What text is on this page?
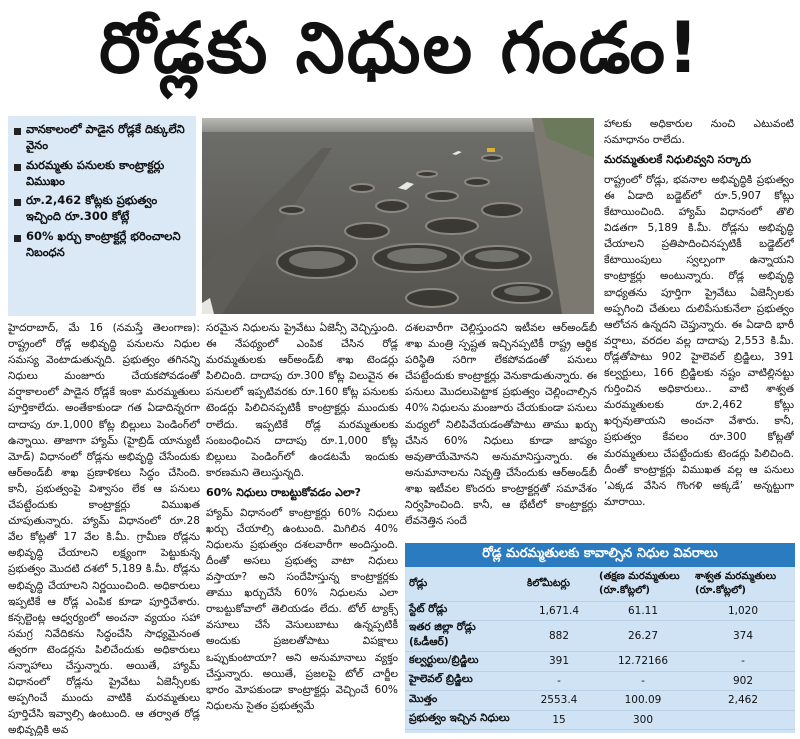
రోడ్లకు నిధుల గండం!
వానకాలంలో పాడైన రోడ్లకే దిక్కులేని వైనం
మరమ్మతు పనులకు కాంట్రాక్టర్లు విముఖం
రూ.2,462 కోట్లకు ప్రభుత్వం ఇచ్చింది రూ.300 కోట్లే
60% ఖర్చు కాంట్రాక్టర్లే భరించాలని నిబంధన

హైదరాబాద్, మే 16 (నమస్తే తెలంగాణ): రాష్ట్రంలో రోడ్ల అభివృద్ధి పనులను నిధుల సమస్య వెంటాడుతున్నది. ప్రభుత్వం తగినన్ని నిధులు మంజూరు చేయకపోవడంతో వర్షాకాలంలో పాడైన రోడ్లకే ఇంకా మరమ్మతులు పూర్తికాలేదు. అంతేకాకుండా గత ఏడాదిన్నరగా దాదాపు రూ.1,000 కోట్ల బిల్లులు పెండింగ్‌లో ఉన్నాయి. తాజాగా హ్యామ్ (హైబ్రిడ్ యాన్యుటీ మోడ్) విధానంలో రోడ్లను అభివృద్ధి చేసేందుకు ఆర్‌అండ్‌బీ శాఖ ప్రణాళికలు సిద్ధం చేసింది. కానీ, ప్రభుత్వంపై విశ్వాసం లేక ఆ పనులు చేపట్టేందుకు కాంట్రాక్టర్లు విముఖత చూపుతున్నారు. హ్యామ్ విధానంలో రూ.28 వేల కోట్లతో 17 వేల కి.మీ. గ్రామీణ రోడ్లను అభివృద్ధి చేయాలని లక్ష్యంగా పెట్టుకున్న ప్రభుత్వం మొదటి దశలో 5,189 కి.మీ. రోడ్లను అభివృద్ధి చేయాలని నిర్ణయించింది. అధికారులు ఇప్పటికే ఆ రోడ్ల ఎంపిక కూడా పూర్తిచేశారు. కన్సల్టెంట్ల ఆధ్వర్యంలో అంచనా వ్యయం సహా సమగ్ర నివేదికను సిద్ధంచేసి సాధ్యమైనంత త్వరగా టెండర్లను పిలిచేందుకు అధికారులు సన్నాహాలు చేస్తున్నారు. అయితే, హ్యామ్ విధానంలో రోడ్లను ప్రైవేటు ఏజెన్సీలకు అప్పగించే ముందు వాటికి మరమ్మతులు పూర్తిచేసి ఇవ్వాల్సి ఉంటుంది. ఆ తర్వాత రోడ్ల అభివృద్ధికి అవ

సరమైన నిధులను ప్రైవేటు ఏజెన్సీ వెచ్చిస్తుంది. ఈ నేపథ్యంలో ఎంపిక చేసిన రోడ్ల మరమ్మతులకు ఆర్‌అండ్‌బీ శాఖ టెండర్లు పిలిచింది. దాదాపు రూ.300 కోట్ల విలువైన ఈ పనులలో ఇప్పటివరకు రూ.160 కోట్ల పనులకు టెండర్లు పిలిచినప్పటికీ కాంట్రాక్టర్లు ముందుకు రాలేదు. ఇప్పటికే రోడ్ల మరమ్మతులకు సంబంధించిన దాదాపు రూ.1,000 కోట్ల బిల్లులు పెండింగ్‌లో ఉండటమే ఇందుకు కారణమని తెలుస్తున్నది.

60% నిధులు రాబట్టుకోవడం ఎలా?

హ్యామ్ విధానంలో కాంట్రాక్టర్లు 60% నిధులు ఖర్చు చేయాల్సి ఉంటుంది. మిగిలిన 40% నిధులను ప్రభుత్వం దశలవారీగా అందిస్తుంది. దీంతో అసలు ప్రభుత్వ వాటా నిధులు వస్తాయా? అని సందేహిస్తున్న కాంట్రాక్టర్లకు తాము ఖర్చుచేసే 60% నిధులను ఎలా రాబట్టుకోవాలో తెలియడం లేదు. టోల్ ట్యాక్స్ వసూలు చేసే వెసులుబాటు ఉన్నప్పటికీ అందుకు ప్రజలతోపాటు విపక్షాలు ఒప్పుకుంటాయా? అని అనుమానాలు వ్యక్తం చేస్తున్నారు. అయితే, ప్రజలపై టోల్ చార్జీల భారం మోపకుండా కాంట్రాక్టర్లు వెచ్చించే 60% నిధులను సైతం ప్రభుత్వమే

దశలవారీగా చెల్లిస్తుందని ఇటీవల ఆర్‌అండ్‌బీ శాఖ మంత్రి స్పష్టత ఇచ్చినప్పటికీ రాష్ట్ర ఆర్థిక పరిస్థితి సరిగా లేకపోవడంతో పనులు చేపట్టేందుకు కాంట్రాక్టర్లు వెనుకాడుతున్నారు. ఈ పనులు మొదలుపెట్టాక ప్రభుత్వం చెల్లించాల్సిన 40% నిధులను మంజూరు చేయకుండా పనులు మధ్యలో నిలిపివేయడంతోపాటు తాము ఖర్చు చేసిన 60% నిధులు కూడా జాప్యం అవుతాయేమోనని అనుమానిస్తున్నారు. ఈ అనుమానాలను నివృత్తి చేసేందుకు ఆర్‌అండ్‌బీ శాఖ ఇటీవల కొందరు కాంట్రాక్టర్లతో సమావేశం నిర్వహించింది. కానీ, ఆ భేటీలో కాంట్రాక్టర్లు లేవనెత్తిన సందే

హాలకు అధికారుల నుంచి ఎటువంటి సమాధానం రాలేదు.

మరమ్మతులకే నిధులివ్వని సర్కారు

రాష్ట్రంలో రోడ్లు, భవనాల అభివృద్ధికి ప్రభుత్వం ఈ ఏడాది బడ్జెట్‌లో రూ.5,907 కోట్లు కేటాయించింది. హ్యామ్ విధానంలో తొలి విడతగా 5,189 కి.మీ. రోడ్లను అభివృద్ధి చేయాలని ప్రతిపాదించినప్పటికీ బడ్జెట్‌లో కేటాయింపులు స్వల్పంగా ఉన్నాయని కాంట్రాక్టర్లు అంటున్నారు. రోడ్ల అభివృద్ధి బాధ్యతను పూర్తిగా ప్రైవేటు ఏజెన్సీలకు అప్పగించి చేతులు దులిపేసుకునేలా ప్రభుత్వం ఆలోచన ఉన్నదని చెప్తున్నారు. ఈ ఏడాది భారీ వర్షాలు, వరదల వల్ల దాదాపు 2,553 కి.మీ. రోడ్లతోపాటు 902 హైలెవల్ బ్రిడ్జిలు, 391 కల్వర్టులు, 166 బ్రిడ్జిలకు నష్టం వాటిల్లినట్టు గుర్తించిన అధికారులు.. వాటి శాశ్వత మరమ్మతులకు రూ.2,462 కోట్లు ఖర్చవుతాయని అంచనా వేశారు. కానీ, ప్రభుత్వం కేవలం రూ.300 కోట్లతో మరమ్మతులు చేపట్టేందుకు టెండర్లు పిలిచింది. దీంతో కాంట్రాక్టర్లు విముఖత వల్ల ఆ పనులు ‘ఎక్కడ వేసిన గొంగళి అక్కడే’ అన్నట్టుగా మారాయి.

రోడ్ల మరమ్మతులకు కావాల్సిన నిధుల వివరాలు
రోడ్లు	కిలోమీటర్లు	(తక్షణ మరమ్మతులు (రూ.కోట్లలో)	శాశ్వత మరమ్మతులు (రూ.కోట్లలో)
స్టేట్ రోడ్లు	1,671.4	61.11	1,020
ఇతర జిల్లా రోడ్లు (ఓడీఆర్)	882	26.27	374
కల్వర్టులు/బ్రిడ్జిలు	391	12.72166	-
హైలెవల్ బ్రిడ్జిలు	-	-	902
మొత్తం	2553.4	100.09	2,462
ప్రభుత్వం ఇచ్చిన నిధులు	15	300	
